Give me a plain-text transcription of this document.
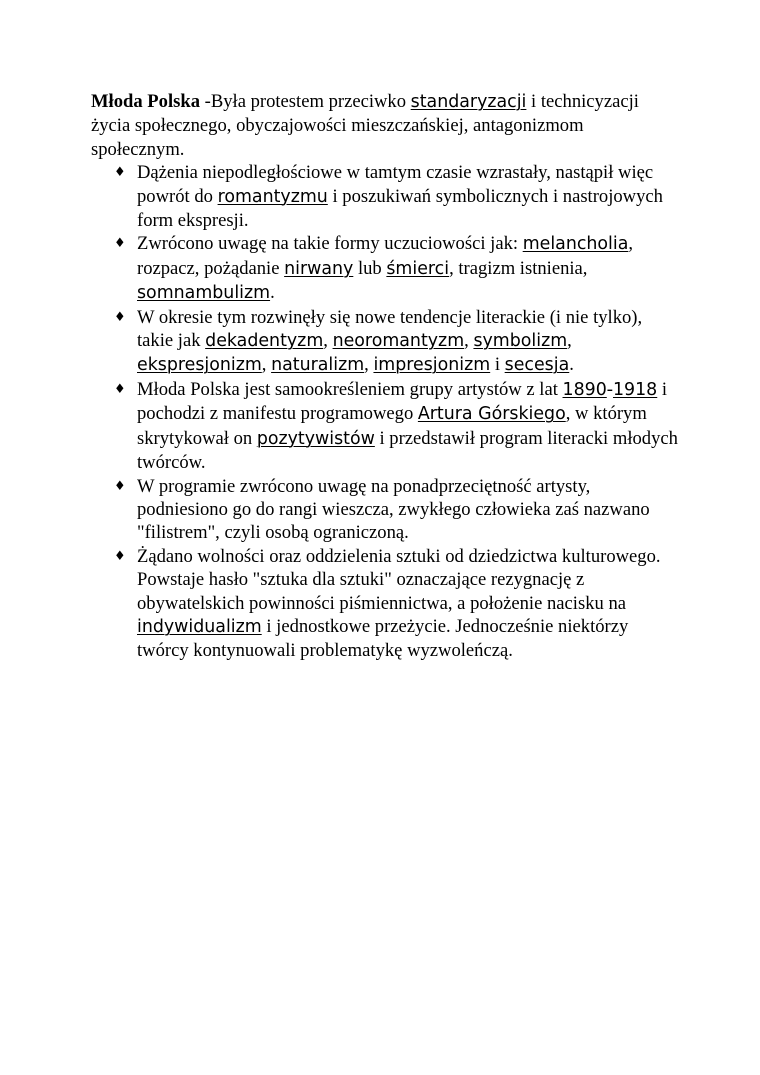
Młoda Polska -Była protestem przeciwko standaryzacji i technicyzacji życia społecznego, obyczajowości mieszczańskiej, antagonizmom społecznym.

♦ Dążenia niepodległościowe w tamtym czasie wzrastały, nastąpił więc powrót do romantyzmu i poszukiwań symbolicznych i nastrojowych form ekspresji.
♦ Zwrócono uwagę na takie formy uczuciowości jak: melancholia, rozpacz, pożądanie nirwany lub śmierci, tragizm istnienia, somnambulizm.
♦ W okresie tym rozwinęły się nowe tendencje literackie (i nie tylko), takie jak dekadentyzm, neoromantyzm, symbolizm, ekspresjonizm, naturalizm, impresjonizm i secesja.
♦ Młoda Polska jest samookreśleniem grupy artystów z lat 1890-1918 i pochodzi z manifestu programowego Artura Górskiego, w którym skrytykował on pozytywistów i przedstawił program literacki młodych twórców.
♦ W programie zwrócono uwagę na ponadprzeciętność artysty, podniesiono go do rangi wieszcza, zwykłego człowieka zaś nazwano "filistrem", czyli osobą ograniczoną.
♦ Żądano wolności oraz oddzielenia sztuki od dziedzictwa kulturowego. Powstaje hasło "sztuka dla sztuki" oznaczające rezygnację z obywatelskich powinności piśmiennictwa, a położenie nacisku na indywidualizm i jednostkowe przeżycie. Jednocześnie niektórzy twórcy kontynuowali problematykę wyzwoleńczą.
